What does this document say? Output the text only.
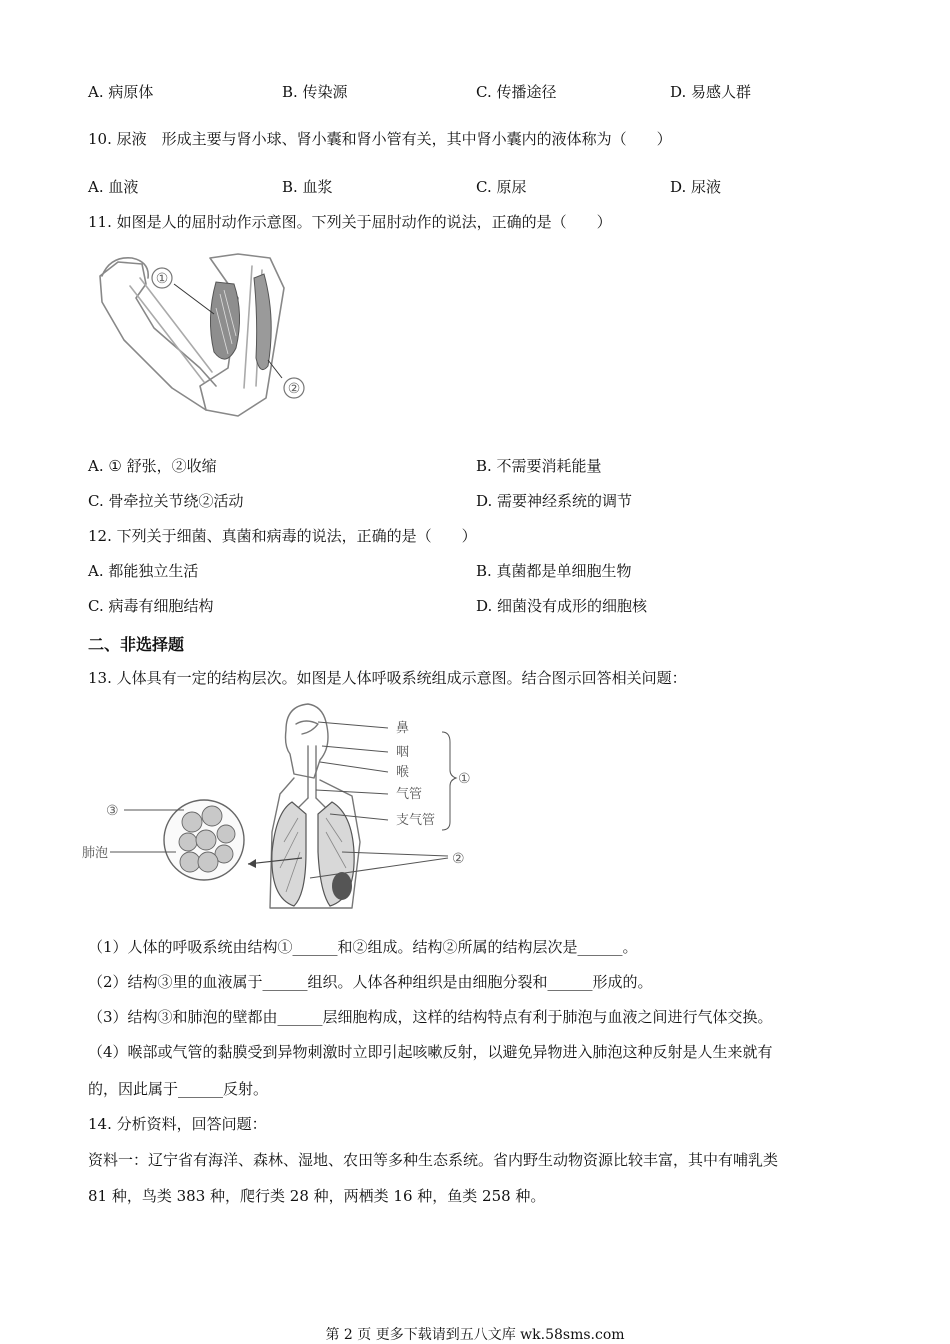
A. 病原体	B. 传染源	C. 传播途径	D. 易感人群
10. 尿液　形成主要与肾小球、肾小囊和肾小管有关，其中肾小囊内的液体称为（　　）
A. 血液	B. 血浆	C. 原尿	D. 尿液
11. 如图是人的屈肘动作示意图。下列关于屈肘动作的说法，正确的是（　　）
①
②
A. ① 舒张，②收缩	B. 不需要消耗能量
C. 骨牵拉关节绕②活动	D. 需要神经系统的调节
12. 下列关于细菌、真菌和病毒的说法，正确的是（　　）
A. 都能独立生活	B. 真菌都是单细胞生物
C. 病毒有细胞结构	D. 细菌没有成形的细胞核
二、非选择题
13. 人体具有一定的结构层次。如图是人体呼吸系统组成示意图。结合图示回答相关问题：
鼻
咽
喉
气管
支气管
①
②
③
肺泡
（1）人体的呼吸系统由结构①______和②组成。结构②所属的结构层次是______。
（2）结构③里的血液属于______组织。人体各种组织是由细胞分裂和______形成的。
（3）结构③和肺泡的壁都由______层细胞构成，这样的结构特点有利于肺泡与血液之间进行气体交换。
（4）喉部或气管的黏膜受到异物刺激时立即引起咳嗽反射，以避免异物进入肺泡这种反射是人生来就有
的，因此属于______反射。
14. 分析资料，回答问题：
资料一：辽宁省有海洋、森林、湿地、农田等多种生态系统。省内野生动物资源比较丰富，其中有哺乳类
81 种，鸟类 383 种，爬行类 28 种，两栖类 16 种，鱼类 258 种。
第 2 页 更多下载请到五八文库 wk.58sms.com
